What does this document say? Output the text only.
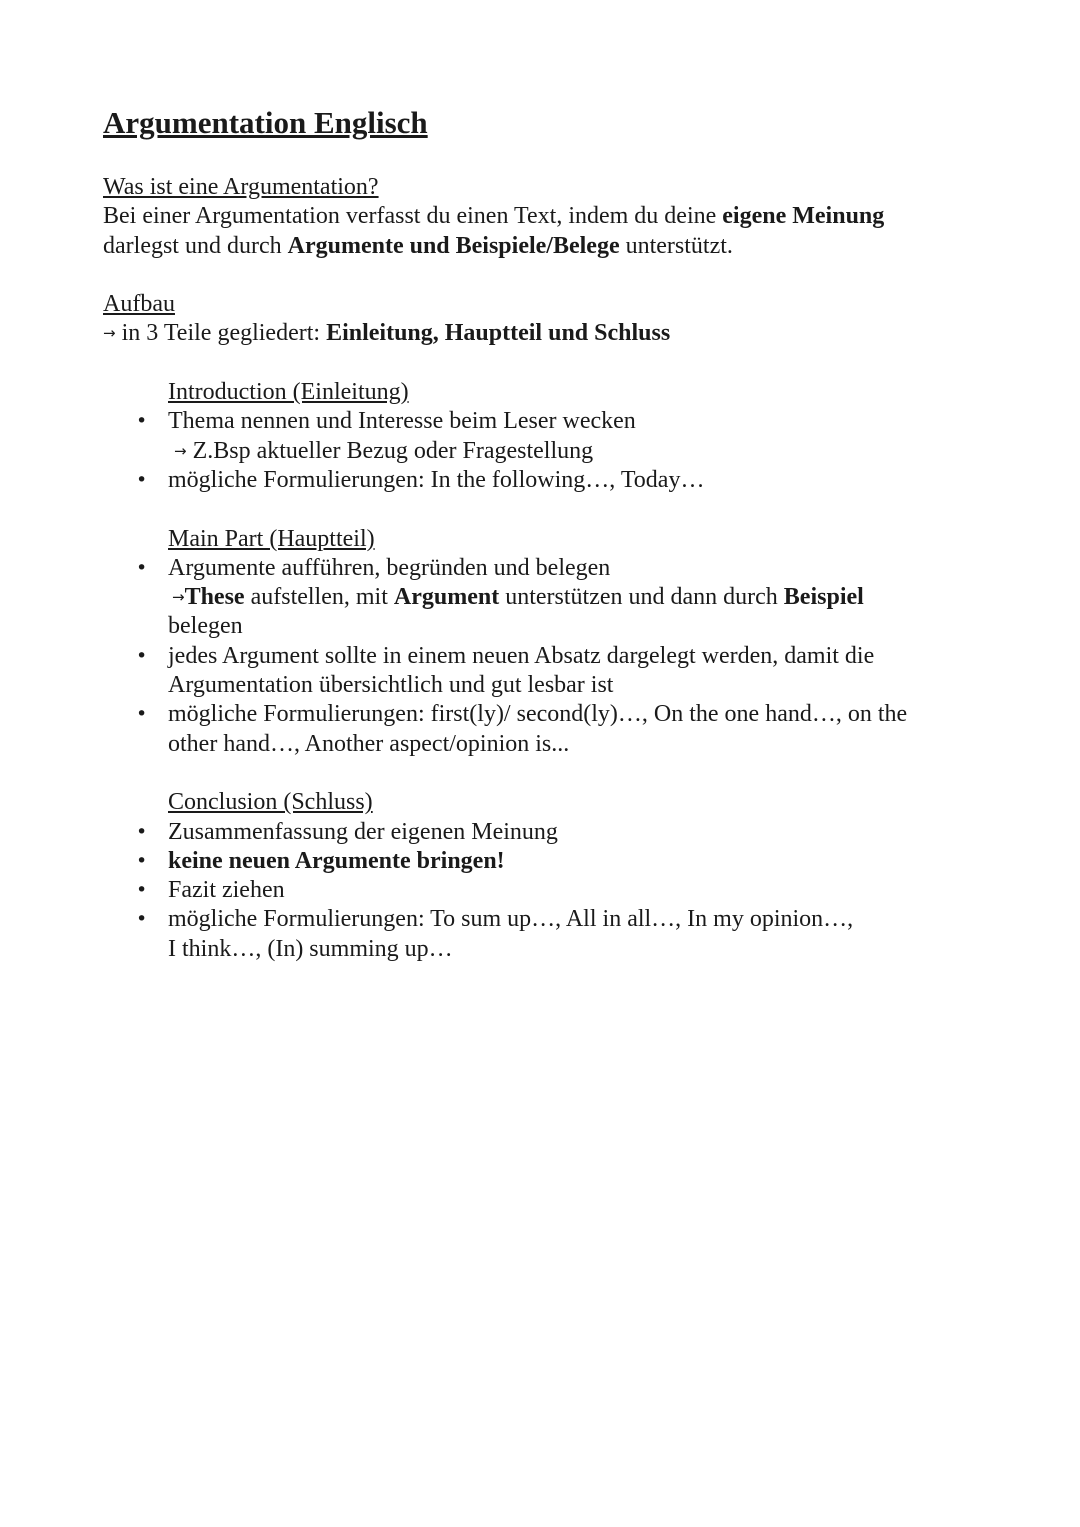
Argumentation Englisch

Was ist eine Argumentation?

Bei einer Argumentation verfasst du einen Text, indem du deine eigene Meinung

darlegst und durch Argumente und Beispiele/Belege unterstützt.

Aufbau

→ in 3 Teile gegliedert: Einleitung, Hauptteil und Schluss

Introduction (Einleitung)

• Thema nennen und Interesse beim Leser wecken
→ Z.Bsp aktueller Bezug oder Fragestellung
• mögliche Formulierungen: In the following…, Today…

Main Part (Hauptteil)

• Argumente aufführen, begründen und belegen
→These aufstellen, mit Argument unterstützen und dann durch Beispiel
belegen
• jedes Argument sollte in einem neuen Absatz dargelegt werden, damit die
Argumentation übersichtlich und gut lesbar ist
• mögliche Formulierungen: first(ly)/ second(ly)…, On the one hand…, on the
other hand…, Another aspect/opinion is...

Conclusion (Schluss)

• Zusammenfassung der eigenen Meinung
• keine neuen Argumente bringen!
• Fazit ziehen
• mögliche Formulierungen: To sum up…, All in all…, In my opinion…,
I think…, (In) summing up…
